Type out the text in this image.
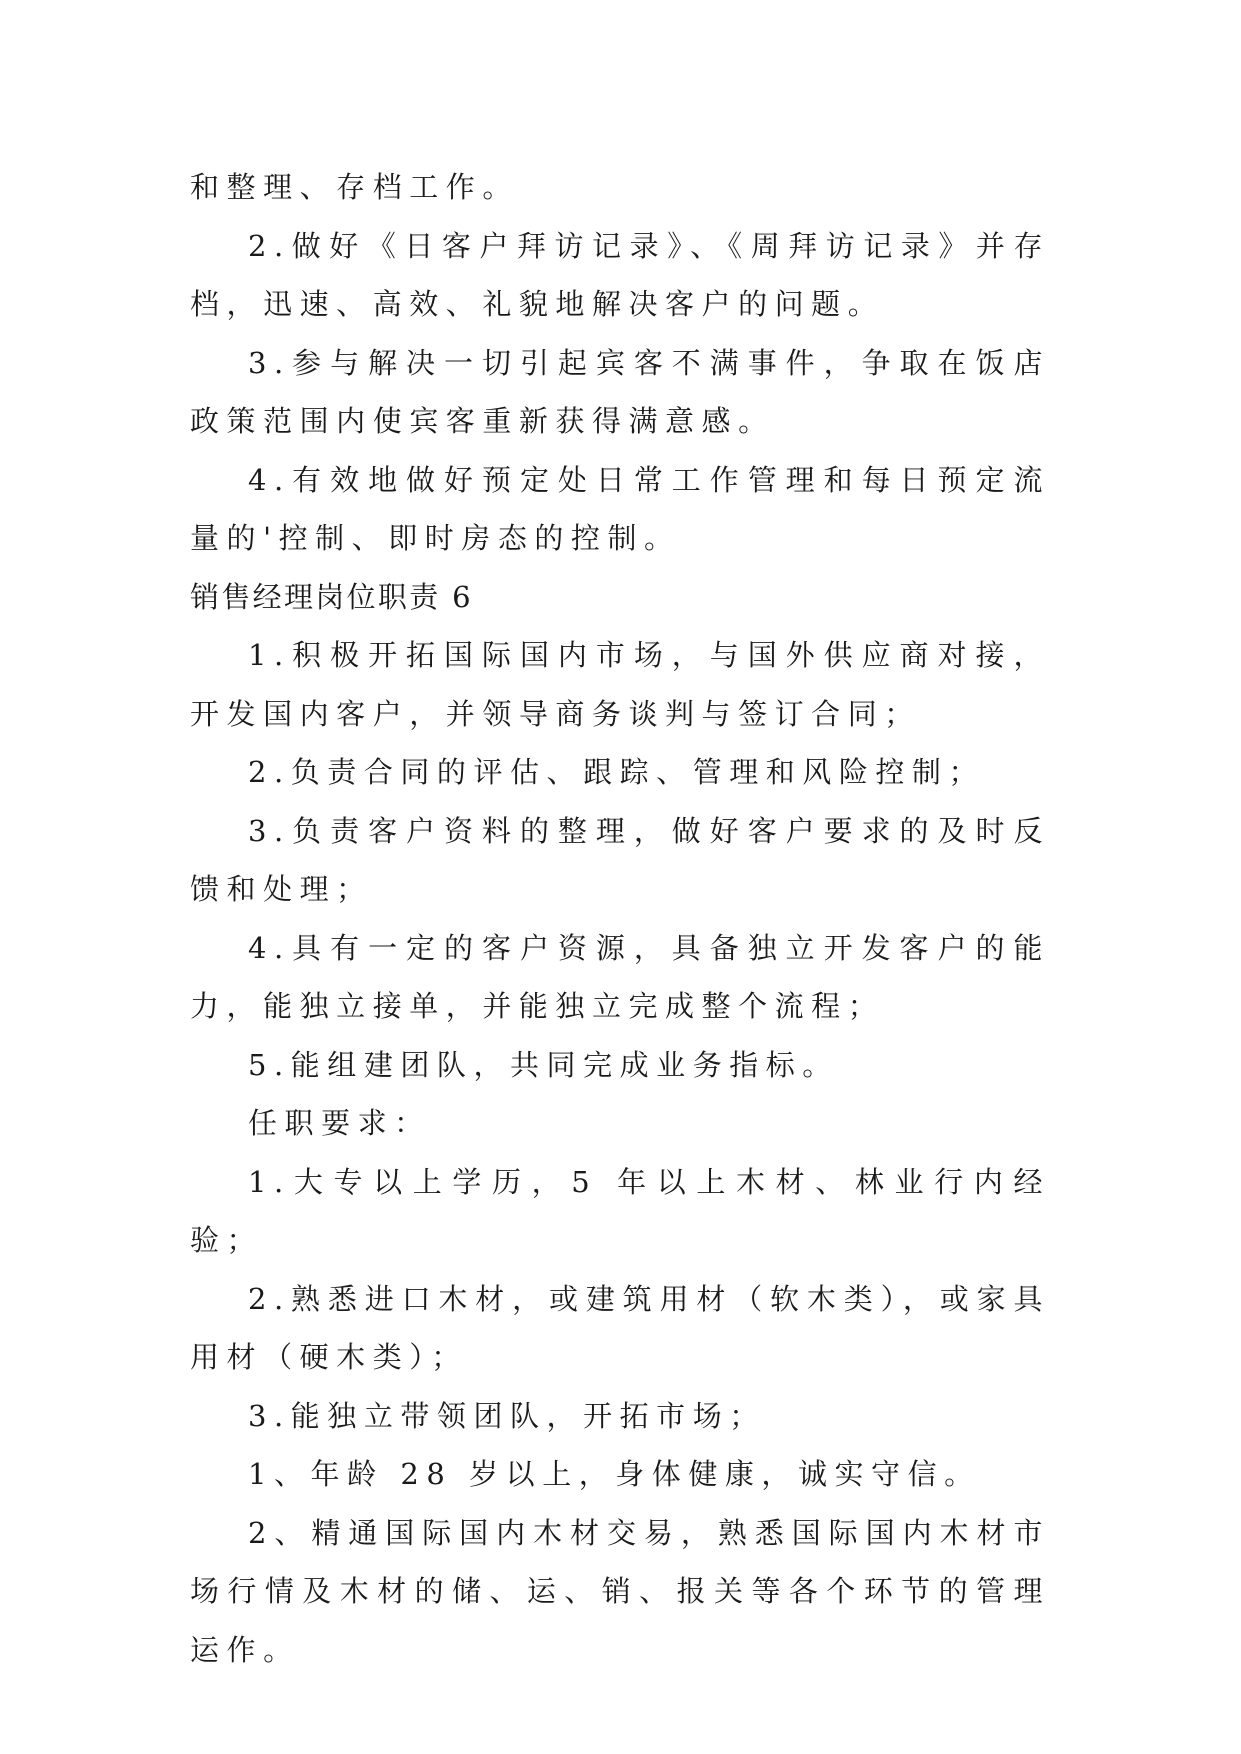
和整理、存档工作。

2.做好《日客户拜访记录》、《周拜访记录》并存档，迅速、高效、礼貌地解决客户的问题。

3.参与解决一切引起宾客不满事件，争取在饭店政策范围内使宾客重新获得满意感。

4.有效地做好预定处日常工作管理和每日预定流量的'控制、即时房态的控制。

销售经理岗位职责 6

1.积极开拓国际国内市场，与国外供应商对接，开发国内客户，并领导商务谈判与签订合同；

2.负责合同的评估、跟踪、管理和风险控制；

3.负责客户资料的整理，做好客户要求的及时反馈和处理；

4.具有一定的客户资源，具备独立开发客户的能力，能独立接单，并能独立完成整个流程；

5.能组建团队，共同完成业务指标。

任职要求：

1.大专以上学历，5 年以上木材、林业行内经验；

2.熟悉进口木材，或建筑用材（软木类），或家具用材（硬木类）；

3.能独立带领团队，开拓市场；

1、年龄 28 岁以上，身体健康，诚实守信。

2、精通国际国内木材交易，熟悉国际国内木材市场行情及木材的储、运、销、报关等各个环节的管理运作。
